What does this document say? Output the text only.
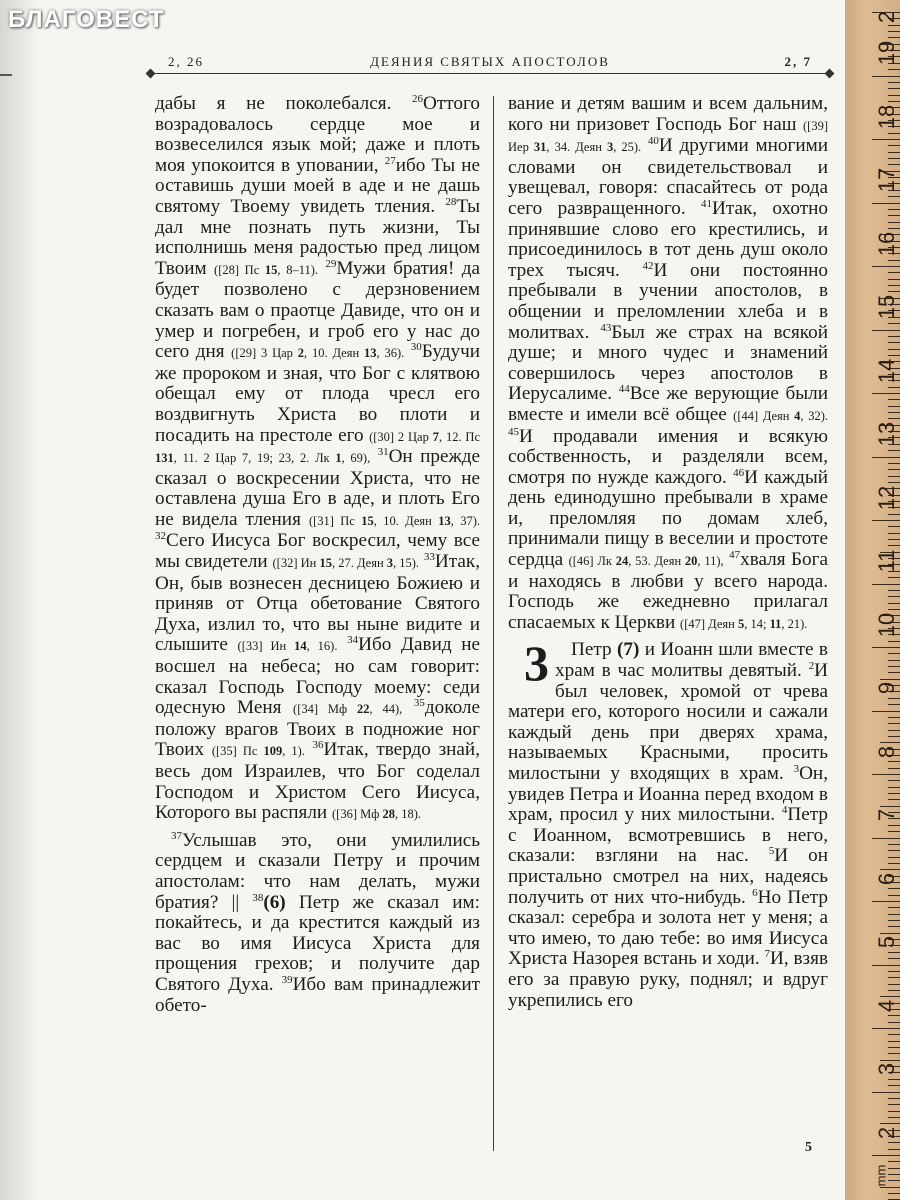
БЛАГОВЕСТ
2, 26	ДЕЯНИЯ СВЯТЫХ АПОСТОЛОВ	2, 7

дабы я не поколебался. $^{26}$Оттого возрадовалось сердце мое и возвеселился язык мой; даже и плоть моя упокоится в уповании, $^{27}$ибо Ты не оставишь души моей в аде и не дашь святому Твоему увидеть тления. $^{28}$Ты дал мне познать путь жизни, Ты исполнишь меня радостью пред лицом Твоим ([28] Пс 15, 8–11). $^{29}$Мужи братия! да будет позволено с дерзновением сказать вам о праотце Давиде, что он и умер и погребен, и гроб его у нас до сего дня ([29] 3 Цар 2, 10. Деян 13, 36). $^{30}$Будучи же пророком и зная, что Бог с клятвою обещал ему от плода чресл его воздвигнуть Христа во плоти и посадить на престоле его ([30] 2 Цар 7, 12. Пс 131, 11. 2 Цар 7, 19; 23, 2. Лк 1, 69), $^{31}$Он прежде сказал о воскресении Христа, что не оставлена душа Его в аде, и плоть Его не видела тления ([31] Пс 15, 10. Деян 13, 37). $^{32}$Сего Иисуса Бог воскресил, чему все мы свидетели ([32] Ин 15, 27. Деян 3, 15). $^{33}$Итак, Он, быв вознесен десницею Божиею и приняв от Отца обетование Святого Духа, излил то, что вы ныне видите и слышите ([33] Ин 14, 16). $^{34}$Ибо Давид не восшел на небеса; но сам говорит: сказал Господь Господу моему: седи одесную Меня ([34] Мф 22, 44), $^{35}$доколе положу врагов Твоих в подножие ног Твоих ([35] Пс 109, 1). $^{36}$Итак, твердо знай, весь дом Израилев, что Бог соделал Господом и Христом Сего Иисуса, Которого вы распяли ([36] Мф 28, 18).

$^{37}$Услышав это, они умилились сердцем и сказали Петру и прочим апостолам: что нам делать, мужи братия? || $^{38}$(6) Петр же сказал им: покайтесь, и да крестится каждый из вас во имя Иисуса Христа для прощения грехов; и получите дар Святого Духа. $^{39}$Ибо вам принадлежит обето-

вание и детям вашим и всем дальним, кого ни призовет Господь Бог наш ([39] Иер 31, 34. Деян 3, 25). $^{40}$И другими многими словами он свидетельствовал и увещевал, говоря: спасайтесь от рода сего развращенного. $^{41}$Итак, охотно принявшие слово его крестились, и присоединилось в тот день душ около трех тысяч. $^{42}$И они постоянно пребывали в учении апостолов, в общении и преломлении хлеба и в молитвах. $^{43}$Был же страх на всякой душе; и много чудес и знамений совершилось через апостолов в Иерусалиме. $^{44}$Все же верующие были вместе и имели всё общее ([44] Деян 4, 32). $^{45}$И продавали имения и всякую собственность, и разделяли всем, смотря по нужде каждого. $^{46}$И каждый день единодушно пребывали в храме и, преломляя по домам хлеб, принимали пищу в веселии и простоте сердца ([46] Лк 24, 53. Деян 20, 11), $^{47}$хваля Бога и находясь в любви у всего народа. Господь же ежедневно прилагал спасаемых к Церкви ([47] Деян 5, 14; 11, 21).

3 Петр (7) и Иоанн шли вместе в храм в час молитвы девятый. $^2$И был человек, хромой от чрева матери его, которого носили и сажали каждый день при дверях храма, называемых Красными, просить милостыни у входящих в храм. $^3$Он, увидев Петра и Иоанна перед входом в храм, просил у них милостыни. $^4$Петр с Иоанном, всмотревшись в него, сказали: взгляни на нас. $^5$И он пристально смотрел на них, надеясь получить от них что-нибудь. $^6$Но Петр сказал: серебра и золота нет у меня; а что имею, то даю тебе: во имя Иисуса Христа Назорея встань и ходи. $^7$И, взяв его за правую руку, поднял; и вдруг укрепились его

5
mm
2
19
18
17
16
15
14
13
12
11
10
9
8
7
6
5
4
3
2
